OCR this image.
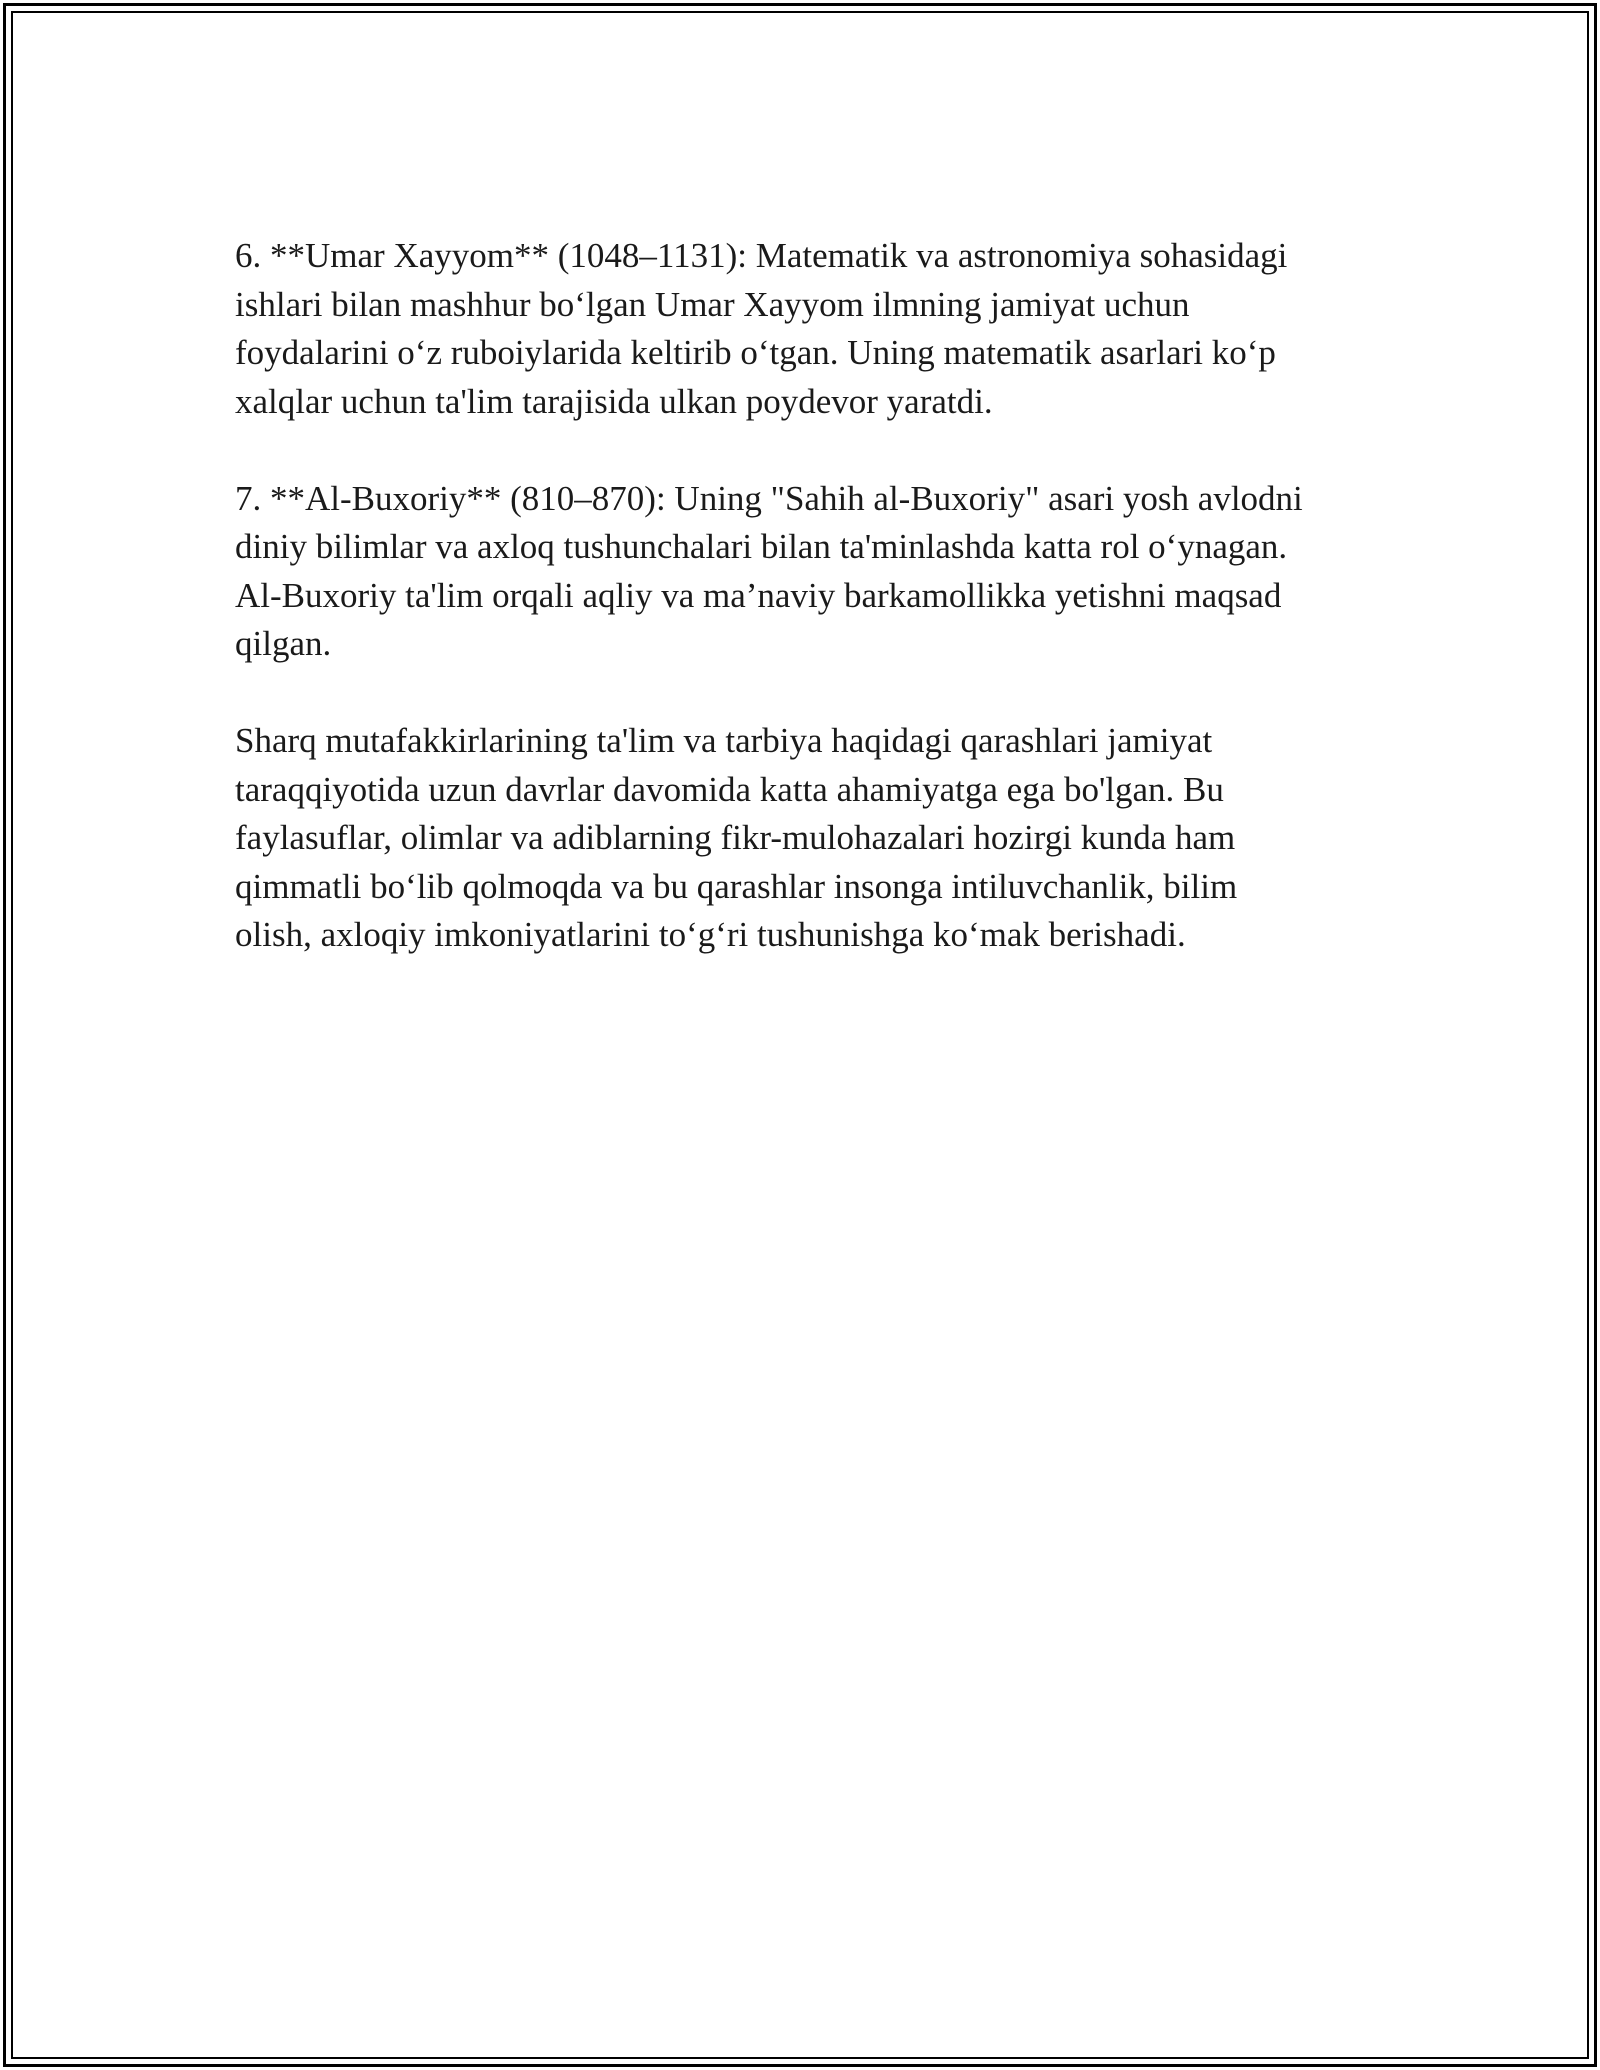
6. **Umar Xayyom** (1048–1131): Matematik va astronomiya sohasidagi
ishlari bilan mashhur bo‘lgan Umar Xayyom ilmning jamiyat uchun
foydalarini o‘z ruboiylarida keltirib o‘tgan. Uning matematik asarlari ko‘p
xalqlar uchun ta'lim tarajisida ulkan poydevor yaratdi.

7. **Al-Buxoriy** (810–870): Uning "Sahih al-Buxoriy" asari yosh avlodni
diniy bilimlar va axloq tushunchalari bilan ta'minlashda katta rol o‘ynagan.
Al-Buxoriy ta'lim orqali aqliy va ma’naviy barkamollikka yetishni maqsad
qilgan.

Sharq mutafakkirlarining ta'lim va tarbiya haqidagi qarashlari jamiyat
taraqqiyotida uzun davrlar davomida katta ahamiyatga ega bo'lgan. Bu
faylasuflar, olimlar va adiblarning fikr-mulohazalari hozirgi kunda ham
qimmatli bo‘lib qolmoqda va bu qarashlar insonga intiluvchanlik, bilim
olish, axloqiy imkoniyatlarini to‘g‘ri tushunishga ko‘mak berishadi.
